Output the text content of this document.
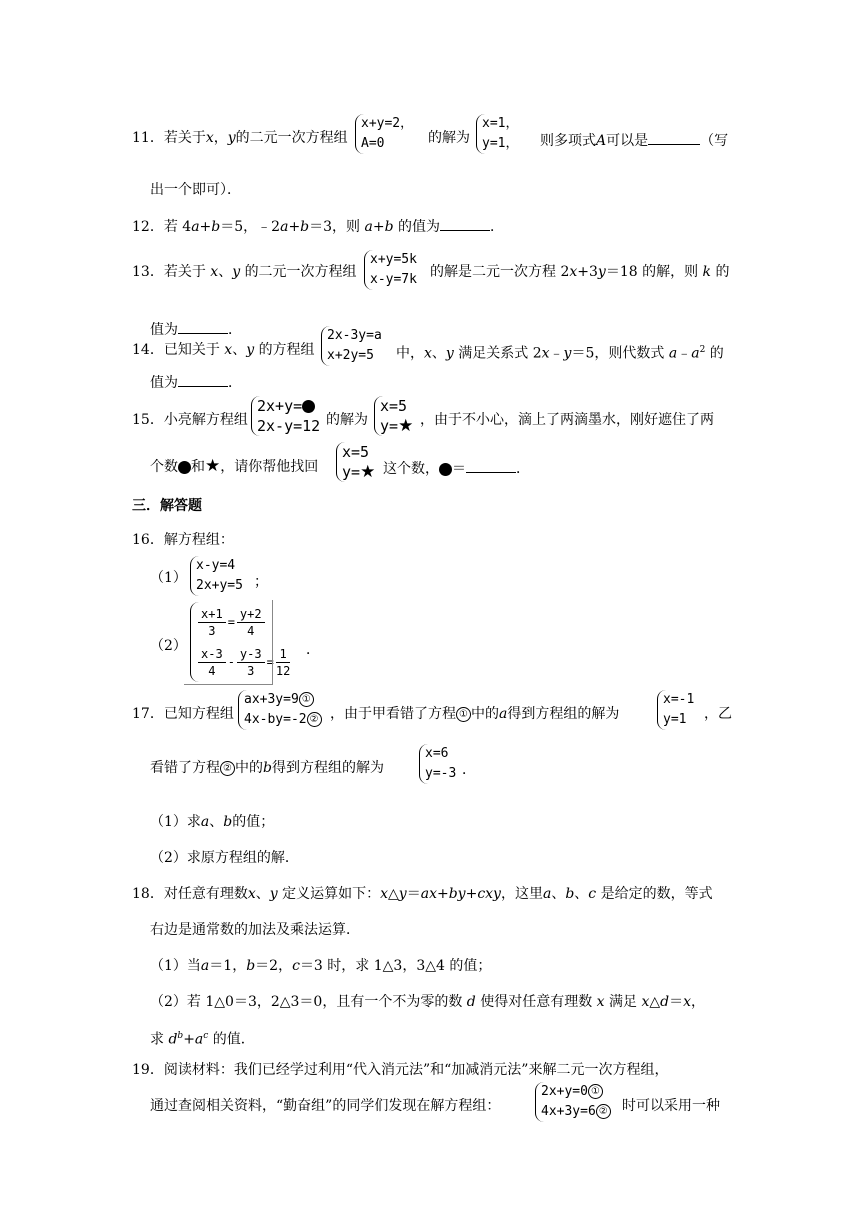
11．若关于x，y的二元一次方程组
x+y=2，
A=0	的解为
x=1，
y=1， 则多项式A可以是	（写
出一个即可）．
12．若 4a+b＝5，﹣2a+b＝3，则 a+b 的值为	．
13．若关于 x、y 的二元一次方程组
x+y=5k
x-y=7k 的解是二元一次方程 2x+3y＝18 的解，则 k 的
值为	．
14．已知关于 x、y 的方程组
2x-3y=a
x+2y=5	中，x、y 满足关系式 2x﹣y＝5，则代数式 $a﹣a^2$ 的
值为	．
15．小亮解方程组
2x+y=
2x-y=12 的解为
x=5
y=★ ，由于不小心，滴上了两滴墨水，刚好遮住了两
个数 和★，请你帮他找回
x=5
y=★ 这个数， ＝	．
三．解答题
16．解方程组：
（1）
x-y=4
2x+y=5 ；
（2）
$\frac{x+1}{3} = \frac{y+2}{4}$
$\frac{x-3}{4} - \frac{y-3}{3} = \frac{1}{12}$ ．
17．已知方程组
ax+3y=9 ①
4x-by=-2 ② ，由于甲看错了方程 ① 中的a得到方程组的解为
x=-1
y=1	，乙
看错了方程 ② 中的b得到方程组的解为
x=6
y=-3 ．
（1）求a、b的值；
（2）求原方程组的解．
18．对任意有理数x、y 定义运算如下：x△y＝ax+by+cxy，这里a、b、c 是给定的数，等式
右边是通常数的加法及乘法运算．
（1）当a＝1，b＝2，c＝3 时，求 1△3，3△4 的值；
（2）若 1△0＝3，2△3＝0，且有一个不为零的数 d 使得对任意有理数 x 满足 x△d＝x，
求 $d^b+a^c$ 的值．
19．阅读材料：我们已经学过利用“代入消元法”和“加减消元法”来解二元一次方程组，
通过查阅相关资料，“勤奋组”的同学们发现在解方程组：
2x+y=0 ①
4x+3y=6 ② 时可以采用一种
